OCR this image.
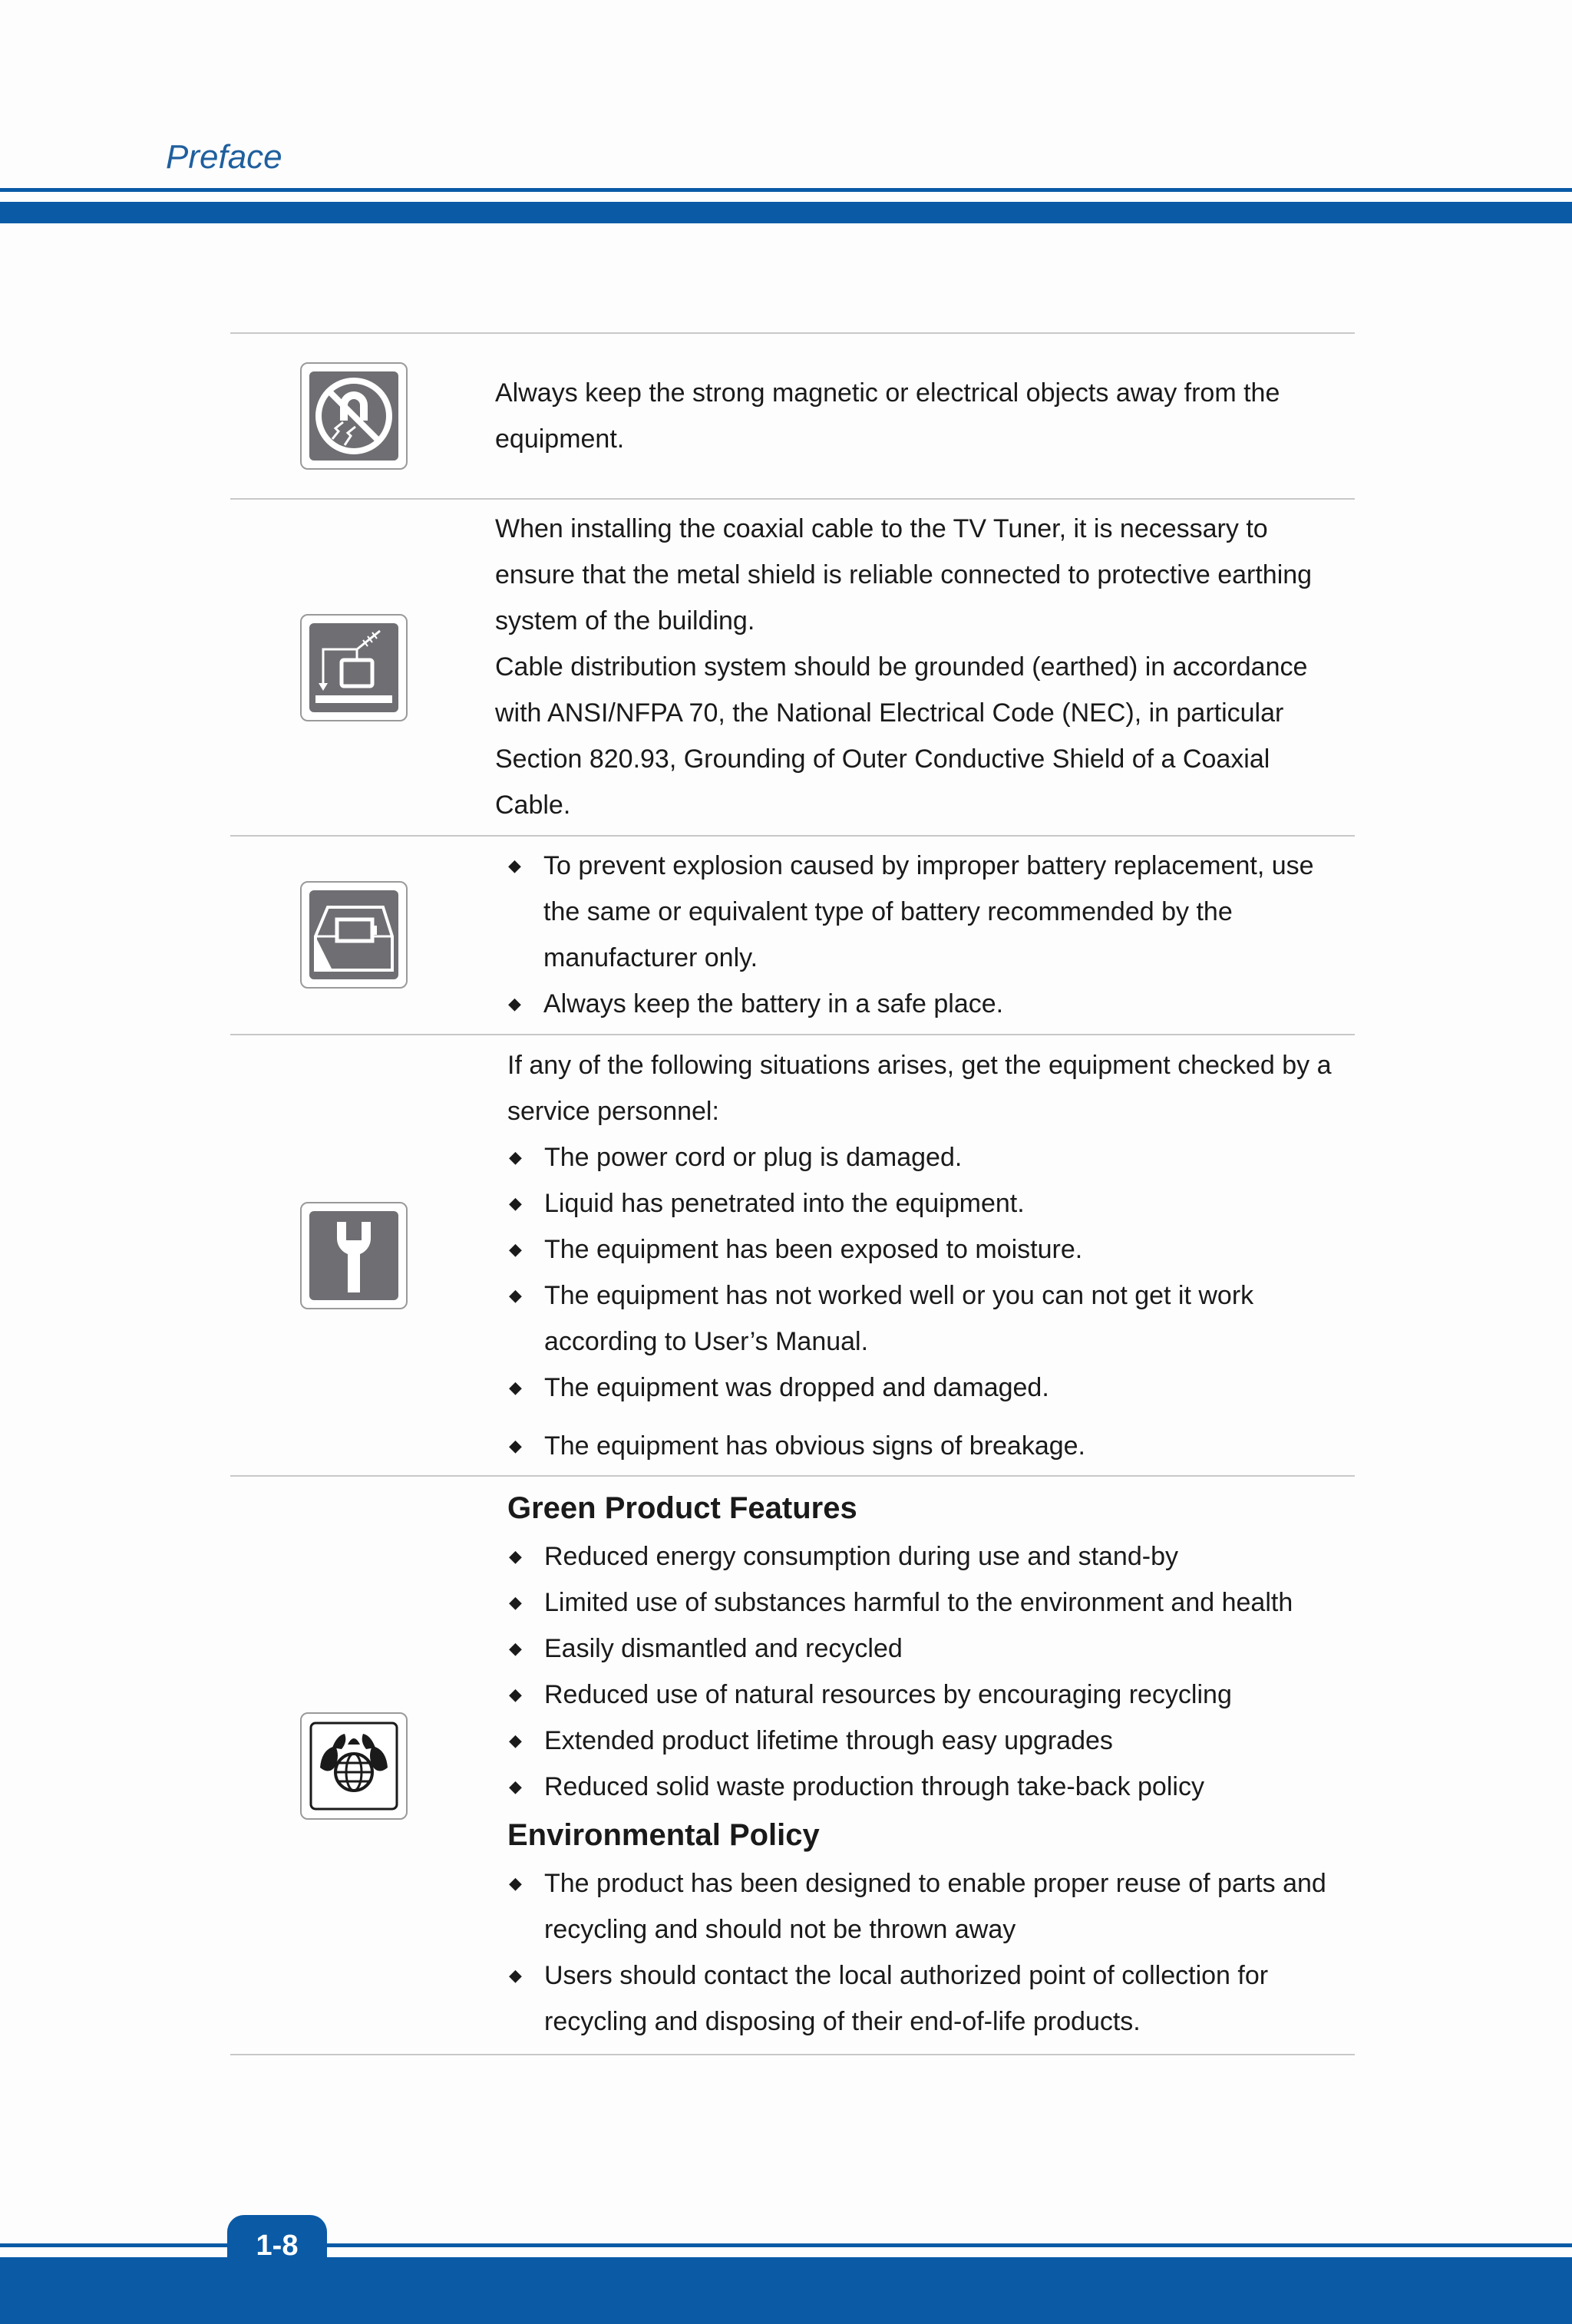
Preface

Always keep the strong magnetic or electrical objects away from the

equipment.

When installing the coaxial cable to the TV Tuner, it is necessary to

ensure that the metal shield is reliable connected to protective earthing

system of the building.

Cable distribution system should be grounded (earthed) in accordance

with ANSI/NFPA 70, the National Electrical Code (NEC), in particular

Section 820.93, Grounding of Outer Conductive Shield of a Coaxial

Cable.

◆ To prevent explosion caused by improper battery replacement, use
the same or equivalent type of battery recommended by the
manufacturer only.

◆ Always keep the battery in a safe place.

If any of the following situations arises, get the equipment checked by a

service personnel:

◆ The power cord or plug is damaged.

◆ Liquid has penetrated into the equipment.

◆ The equipment has been exposed to moisture.

◆ The equipment has not worked well or you can not get it work
according to User’s Manual.

◆ The equipment was dropped and damaged.

◆ The equipment has obvious signs of breakage.

Green Product Features

◆ Reduced energy consumption during use and stand-by

◆ Limited use of substances harmful to the environment and health

◆ Easily dismantled and recycled

◆ Reduced use of natural resources by encouraging recycling

◆ Extended product lifetime through easy upgrades

◆ Reduced solid waste production through take-back policy

Environmental Policy

◆ The product has been designed to enable proper reuse of parts and
recycling and should not be thrown away

◆ Users should contact the local authorized point of collection for
recycling and disposing of their end-of-life products.

1-8
